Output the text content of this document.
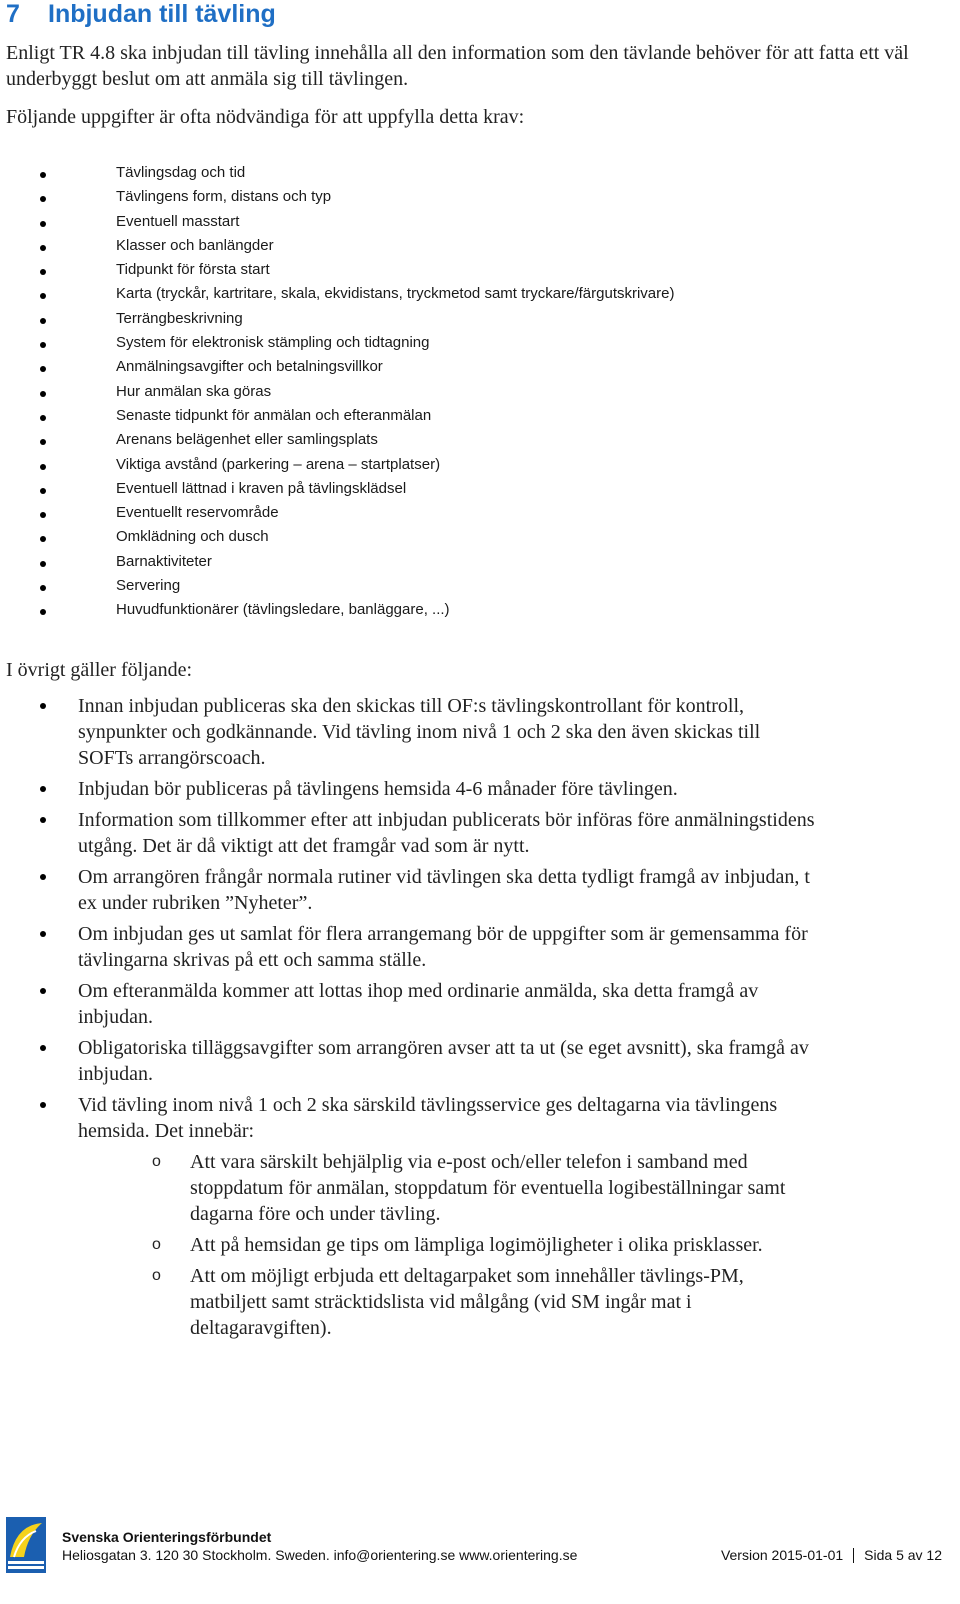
7 Inbjudan till tävling
Enligt TR 4.8 ska inbjudan till tävling innehålla all den information som den tävlande behöver för att fatta ett väl underbyggt beslut om att anmäla sig till tävlingen.
Följande uppgifter är ofta nödvändiga för att uppfylla detta krav:
Tävlingsdag och tid
Tävlingens form, distans och typ
Eventuell masstart
Klasser och banlängder
Tidpunkt för första start
Karta (tryckår, kartritare, skala, ekvidistans, tryckmetod samt tryckare/färgutskrivare)
Terrängbeskrivning
System för elektronisk stämpling och tidtagning
Anmälningsavgifter och betalningsvillkor
Hur anmälan ska göras
Senaste tidpunkt för anmälan och efteranmälan
Arenans belägenhet eller samlingsplats
Viktiga avstånd (parkering – arena – startplatser)
Eventuell lättnad i kraven på tävlingsklädsel
Eventuellt reservområde
Omklädning och dusch
Barnaktiviteter
Servering
Huvudfunktionärer (tävlingsledare, banläggare, ...)
I övrigt gäller följande:
Innan inbjudan publiceras ska den skickas till OF:s tävlingskontrollant för kontroll, synpunkter och godkännande. Vid tävling inom nivå 1 och 2 ska den även skickas till SOFTs arrangörscoach.
Inbjudan bör publiceras på tävlingens hemsida 4-6 månader före tävlingen.
Information som tillkommer efter att inbjudan publicerats bör införas före anmälningstidens utgång. Det är då viktigt att det framgår vad som är nytt.
Om arrangören frångår normala rutiner vid tävlingen ska detta tydligt framgå av inbjudan, t ex under rubriken ”Nyheter”.
Om inbjudan ges ut samlat för flera arrangemang bör de uppgifter som är gemensamma för tävlingarna skrivas på ett och samma ställe.
Om efteranmälda kommer att lottas ihop med ordinarie anmälda, ska detta framgå av inbjudan.
Obligatoriska tilläggsavgifter som arrangören avser att ta ut (se eget avsnitt), ska framgå av inbjudan.
Vid tävling inom nivå 1 och 2 ska särskild tävlingsservice ges deltagarna via tävlingens hemsida. Det innebär:
o Att vara särskilt behjälplig via e-post och/eller telefon i samband med stoppdatum för anmälan, stoppdatum för eventuella logibeställningar samt dagarna före och under tävling.
o Att på hemsidan ge tips om lämpliga logimöjligheter i olika prisklasser.
o Att om möjligt erbjuda ett deltagarpaket som innehåller tävlings-PM, matbiljett samt sträcktidslista vid målgång (vid SM ingår mat i deltagaravgiften).
Svenska Orienteringsförbundet
Heliosgatan 3. 120 30 Stockholm. Sweden. info@orientering.se www.orientering.se	Version 2015-01-01 Sida 5 av 12
